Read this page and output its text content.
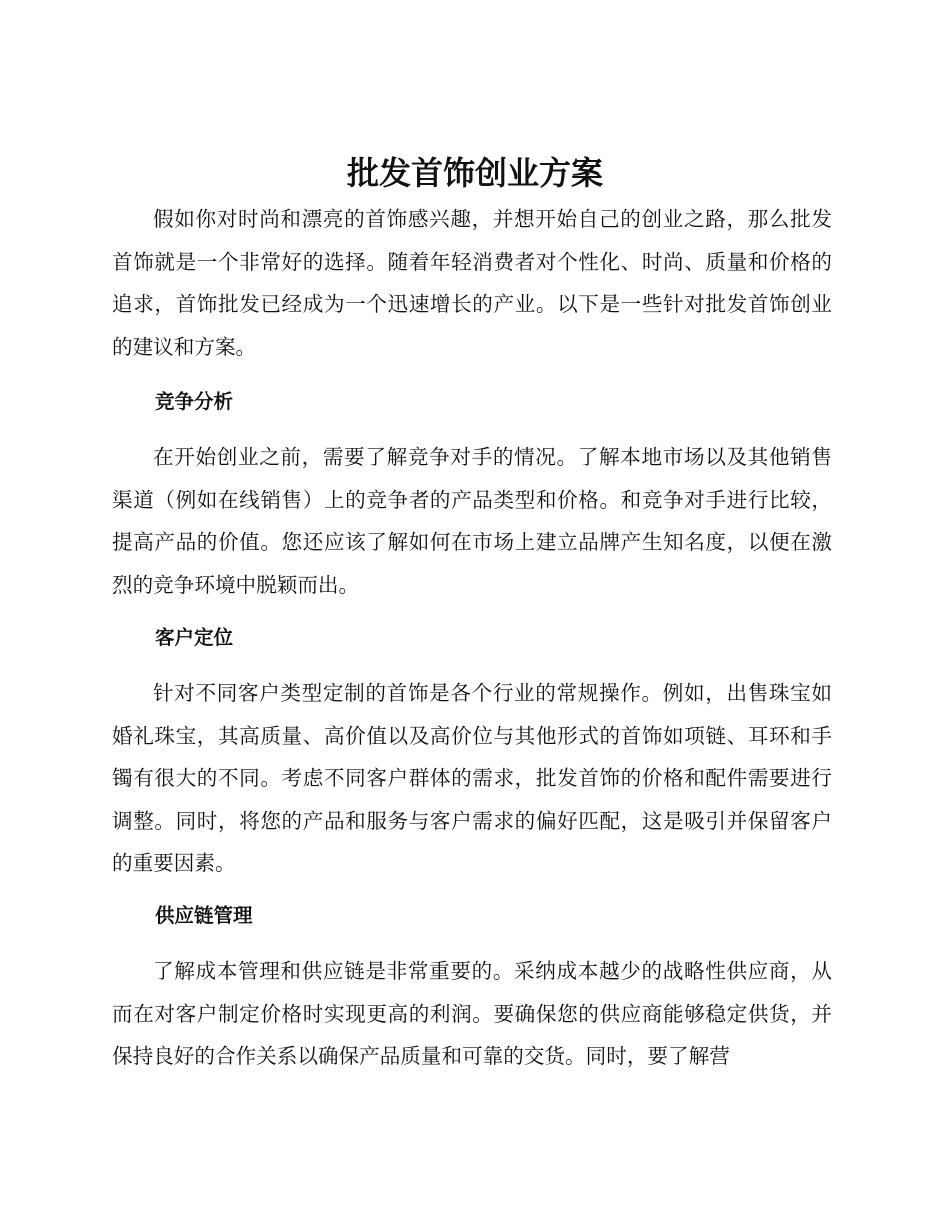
批发首饰创业方案

假如你对时尚和漂亮的首饰感兴趣，并想开始自己的创业之路，那么批发首饰就是一个非常好的选择。随着年轻消费者对个性化、时尚、质量和价格的追求，首饰批发已经成为一个迅速增长的产业。以下是一些针对批发首饰创业的建议和方案。

竞争分析

在开始创业之前，需要了解竞争对手的情况。了解本地市场以及其他销售渠道（例如在线销售）上的竞争者的产品类型和价格。和竞争对手进行比较，提高产品的价值。您还应该了解如何在市场上建立品牌产生知名度，以便在激烈的竞争环境中脱颖而出。

客户定位

针对不同客户类型定制的首饰是各个行业的常规操作。例如，出售珠宝如婚礼珠宝，其高质量、高价值以及高价位与其他形式的首饰如项链、耳环和手镯有很大的不同。考虑不同客户群体的需求，批发首饰的价格和配件需要进行调整。同时，将您的产品和服务与客户需求的偏好匹配，这是吸引并保留客户的重要因素。

供应链管理

了解成本管理和供应链是非常重要的。采纳成本越少的战略性供应商，从而在对客户制定价格时实现更高的利润。要确保您的供应商能够稳定供货，并保持良好的合作关系以确保产品质量和可靠的交货。同时，要了解营
